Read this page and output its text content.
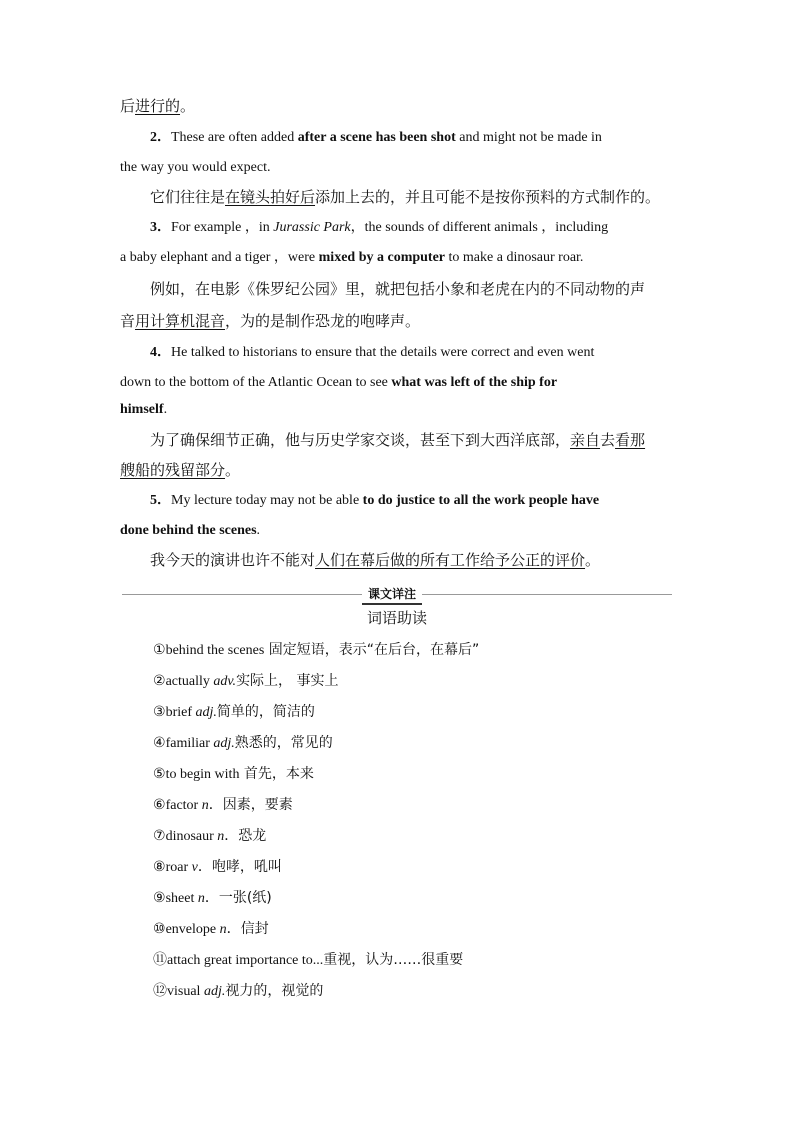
后进行的。
2．These are often added after a scene has been shot and might not be made in
the way you would expect.
它们往往是在镜头拍好后添加上去的，并且可能不是按你预料的方式制作的。
3．For example ，in Jurassic Park，the sounds of different animals ，including
a baby elephant and a tiger ，were mixed by a computer to make a dinosaur roar.
例如，在电影《侏罗纪公园》里，就把包括小象和老虎在内的不同动物的声
音用计算机混音，为的是制作恐龙的咆哮声。
4．He talked to historians to ensure that the details were correct and even went
down to the bottom of the Atlantic Ocean to see what was left of the ship for
himself.
为了确保细节正确，他与历史学家交谈，甚至下到大西洋底部，亲自去看那
艘船的残留部分。
5．My lecture today may not be able to do justice to all the work people have
done behind the scenes.
我今天的演讲也许不能对人们在幕后做的所有工作给予公正的评价。
课文详注
词语助读
①behind the scenes 固定短语，表示“在后台，在幕后”
②actually adv.实际上， 事实上
③brief adj.简单的，简洁的
④familiar adj.熟悉的，常见的
⑤to begin with 首先，本来
⑥factor n．因素，要素
⑦dinosaur n．恐龙
⑧roar v．咆哮，吼叫
⑨sheet n．一张(纸)
⑩envelope n．信封
⑪attach great importance to...重视，认为……很重要
⑫visual adj.视力的，视觉的
